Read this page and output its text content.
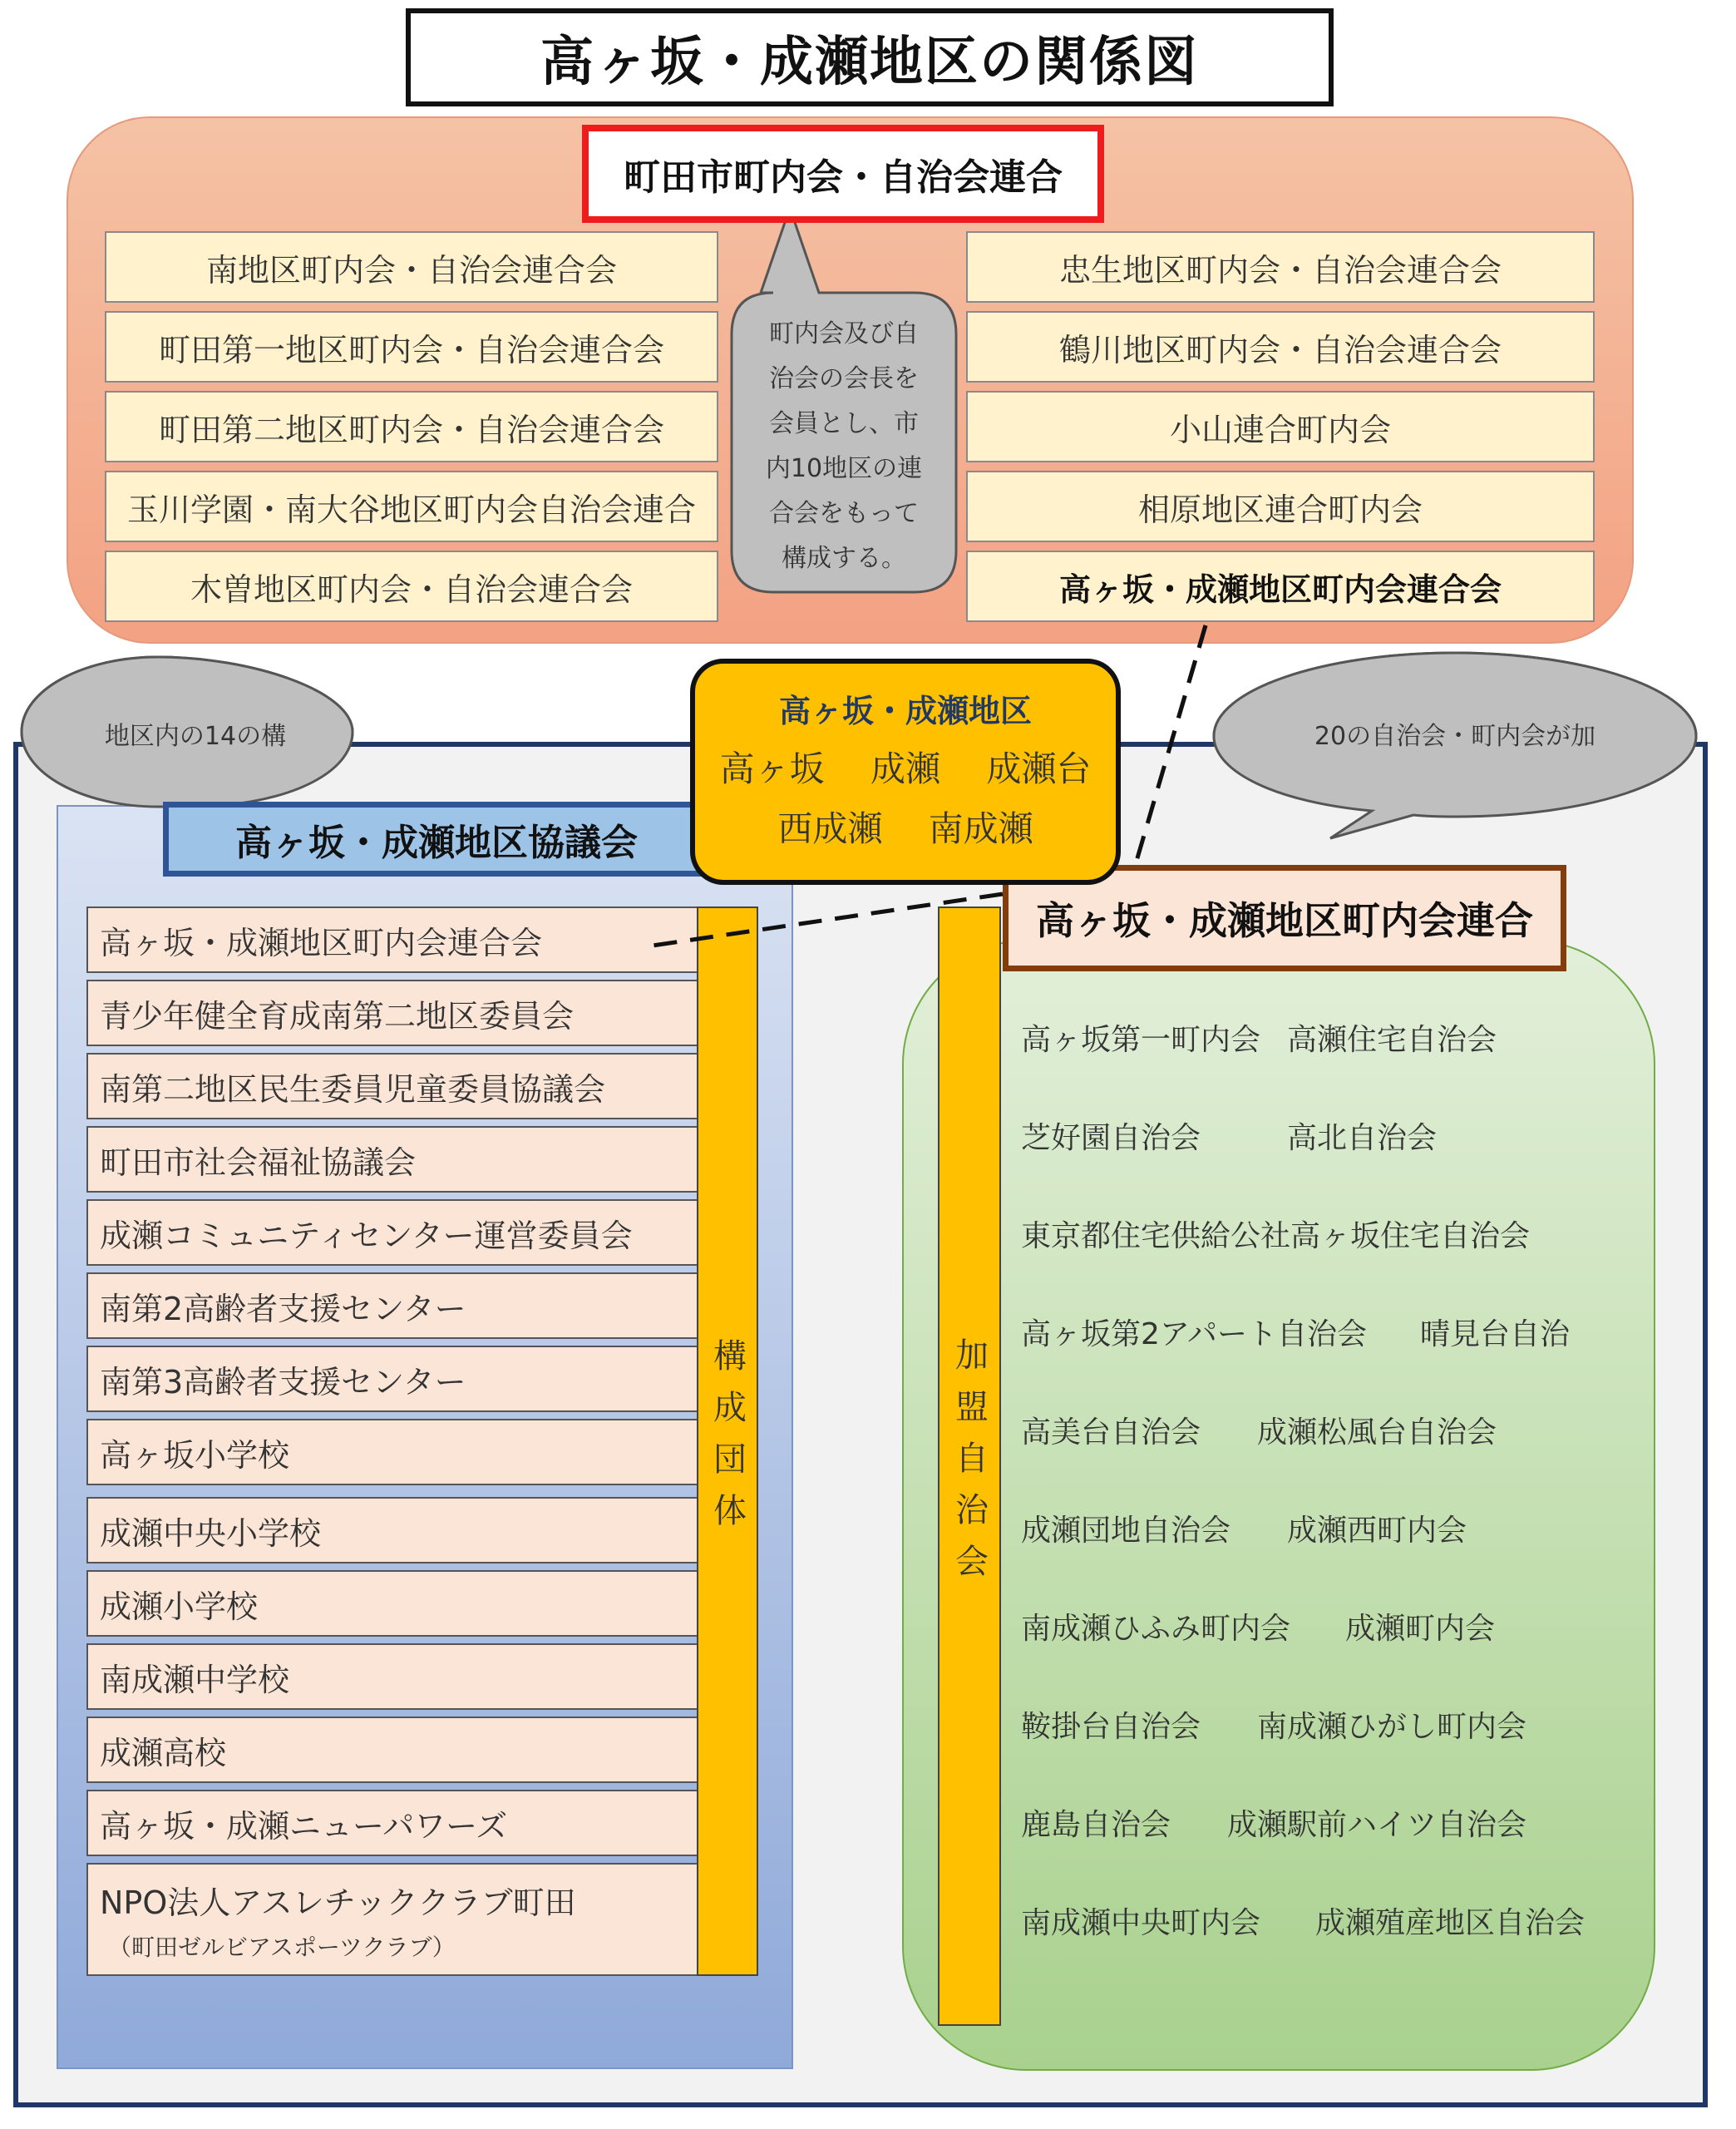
高ヶ坂・成瀬地区の関係図
町田市町内会・自治会連合
町内会及び自
治会の会長を
会員とし、市
内10地区の連
合会をもって
構成する。
南地区町内会・自治会連合会
町田第一地区町内会・自治会連合会
町田第二地区町内会・自治会連合会
玉川学園・南大谷地区町内会自治会連合
木曽地区町内会・自治会連合会
忠生地区町内会・自治会連合会
鶴川地区町内会・自治会連合会
小山連合町内会
相原地区連合町内会
高ヶ坂・成瀬地区町内会連合会
地区内の14の構	20の自治会・町内会が加
高ヶ坂・成瀬地区協議会
高ヶ坂・成瀬地区町内会連合会
青少年健全育成南第二地区委員会
南第二地区民生委員児童委員協議会
町田市社会福祉協議会
成瀬コミュニティセンター運営委員会
南第2高齢者支援センター
南第3高齢者支援センター
高ヶ坂小学校
成瀬中央小学校
成瀬小学校
南成瀬中学校
成瀬高校
高ヶ坂・成瀬ニューパワーズ
NPO法人アスレチッククラブ町田
（町田ゼルビアスポーツクラブ）
構成団体	加盟自治会
高ヶ坂・成瀬地区町内会連合
高ヶ坂第一町内会 高瀬住宅自治会
芝好園自治会	高北自治会
東京都住宅供給公社高ヶ坂住宅自治会
高ヶ坂第2アパート自治会 晴見台自治
高美台自治会 成瀬松風台自治会
成瀬団地自治会 成瀬西町内会
南成瀬ひふみ町内会 成瀬町内会
鞍掛台自治会 南成瀬ひがし町内会
鹿島自治会 成瀬駅前ハイツ自治会
南成瀬中央町内会 成瀬殖産地区自治会
高ヶ坂・成瀬地区
高ヶ坂　 成瀬　 成瀬台
西成瀬　 南成瀬
